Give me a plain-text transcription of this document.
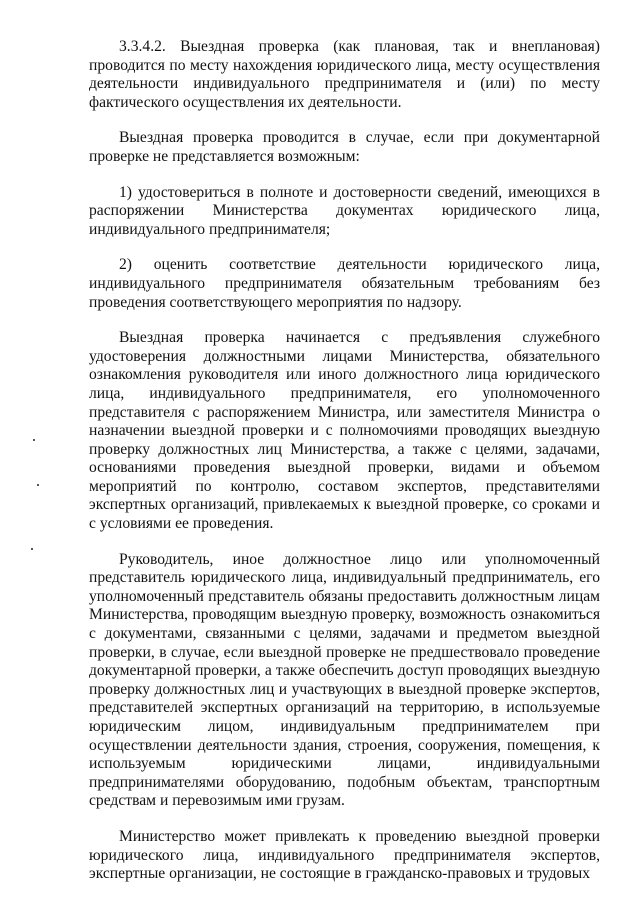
3.3.4.2. Выездная проверка (как плановая, так и внеплановая) проводится по месту нахождения юридического лица, месту осуществления деятельности индивидуального предпринимателя и (или) по месту фактического осуществления их деятельности.

Выездная проверка проводится в случае, если при документарной проверке не представляется возможным:

1) удостовериться в полноте и достоверности сведений, имеющихся в распоряжении Министерства документах юридического лица, индивидуального предпринимателя;

2) оценить соответствие деятельности юридического лица, индивидуального предпринимателя обязательным требованиям без проведения соответствующего мероприятия по надзору.

Выездная проверка начинается с предъявления служебного удостоверения должностными лицами Министерства, обязательного ознакомления руководителя или иного должностного лица юридического лица, индивидуального предпринимателя, его уполномоченного представителя с распоряжением Министра, или заместителя Министра о назначении выездной проверки и с полномочиями проводящих выездную проверку должностных лиц Министерства, а также с целями, задачами, основаниями проведения выездной проверки, видами и объемом мероприятий по контролю, составом экспертов, представителями экспертных организаций, привлекаемых к выездной проверке, со сроками и с условиями ее проведения.

Руководитель, иное должностное лицо или уполномоченный представитель юридического лица, индивидуальный предприниматель, его уполномоченный представитель обязаны предоставить должностным лицам Министерства, проводящим выездную проверку, возможность ознакомиться с документами, связанными с целями, задачами и предметом выездной проверки, в случае, если выездной проверке не предшествовало проведение документарной проверки, а также обеспечить доступ проводящих выездную проверку должностных лиц и участвующих в выездной проверке экспертов, представителей экспертных организаций на территорию, в используемые юридическим лицом, индивидуальным предпринимателем при осуществлении деятельности здания, строения, сооружения, помещения, к используемым юридическими лицами, индивидуальными предпринимателями оборудованию, подобным объектам, транспортным средствам и перевозимым ими грузам.

Министерство может привлекать к проведению выездной проверки юридического лица, индивидуального предпринимателя экспертов, экспертные организации, не состоящие в гражданско-правовых и трудовых
